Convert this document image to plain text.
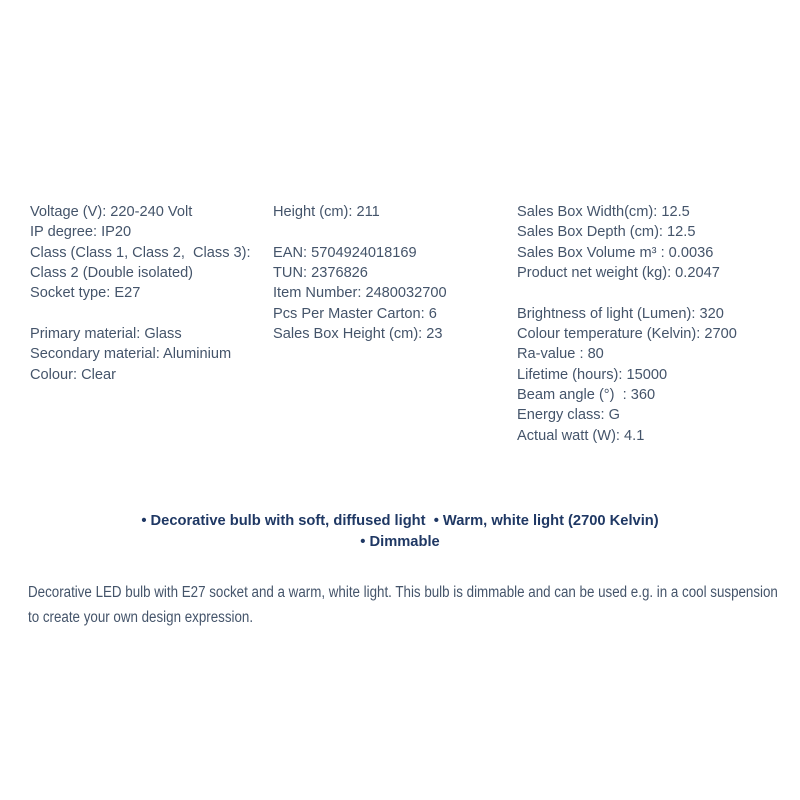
Voltage (V): 220-240 Volt
IP degree: IP20
Class (Class 1, Class 2,  Class 3):
Class 2 (Double isolated)
Socket type: E27

Primary material: Glass
Secondary material: Aluminium
Colour: Clear
Height (cm): 211

EAN: 5704924018169
TUN: 2376826
Item Number: 2480032700
Pcs Per Master Carton: 6
Sales Box Height (cm): 23
Sales Box Width(cm): 12.5
Sales Box Depth (cm): 12.5
Sales Box Volume m³ : 0.0036
Product net weight (kg): 0.2047

Brightness of light (Lumen): 320
Colour temperature (Kelvin): 2700
Ra-value : 80
Lifetime (hours): 15000
Beam angle (°)  : 360
Energy class: G
Actual watt (W): 4.1
• Decorative bulb with soft, diffused light  • Warm, white light (2700 Kelvin)
• Dimmable

Decorative LED bulb with E27 socket and a warm, white light. This bulb is dimmable and can be used e.g. in a cool suspension to create your own design expression.
